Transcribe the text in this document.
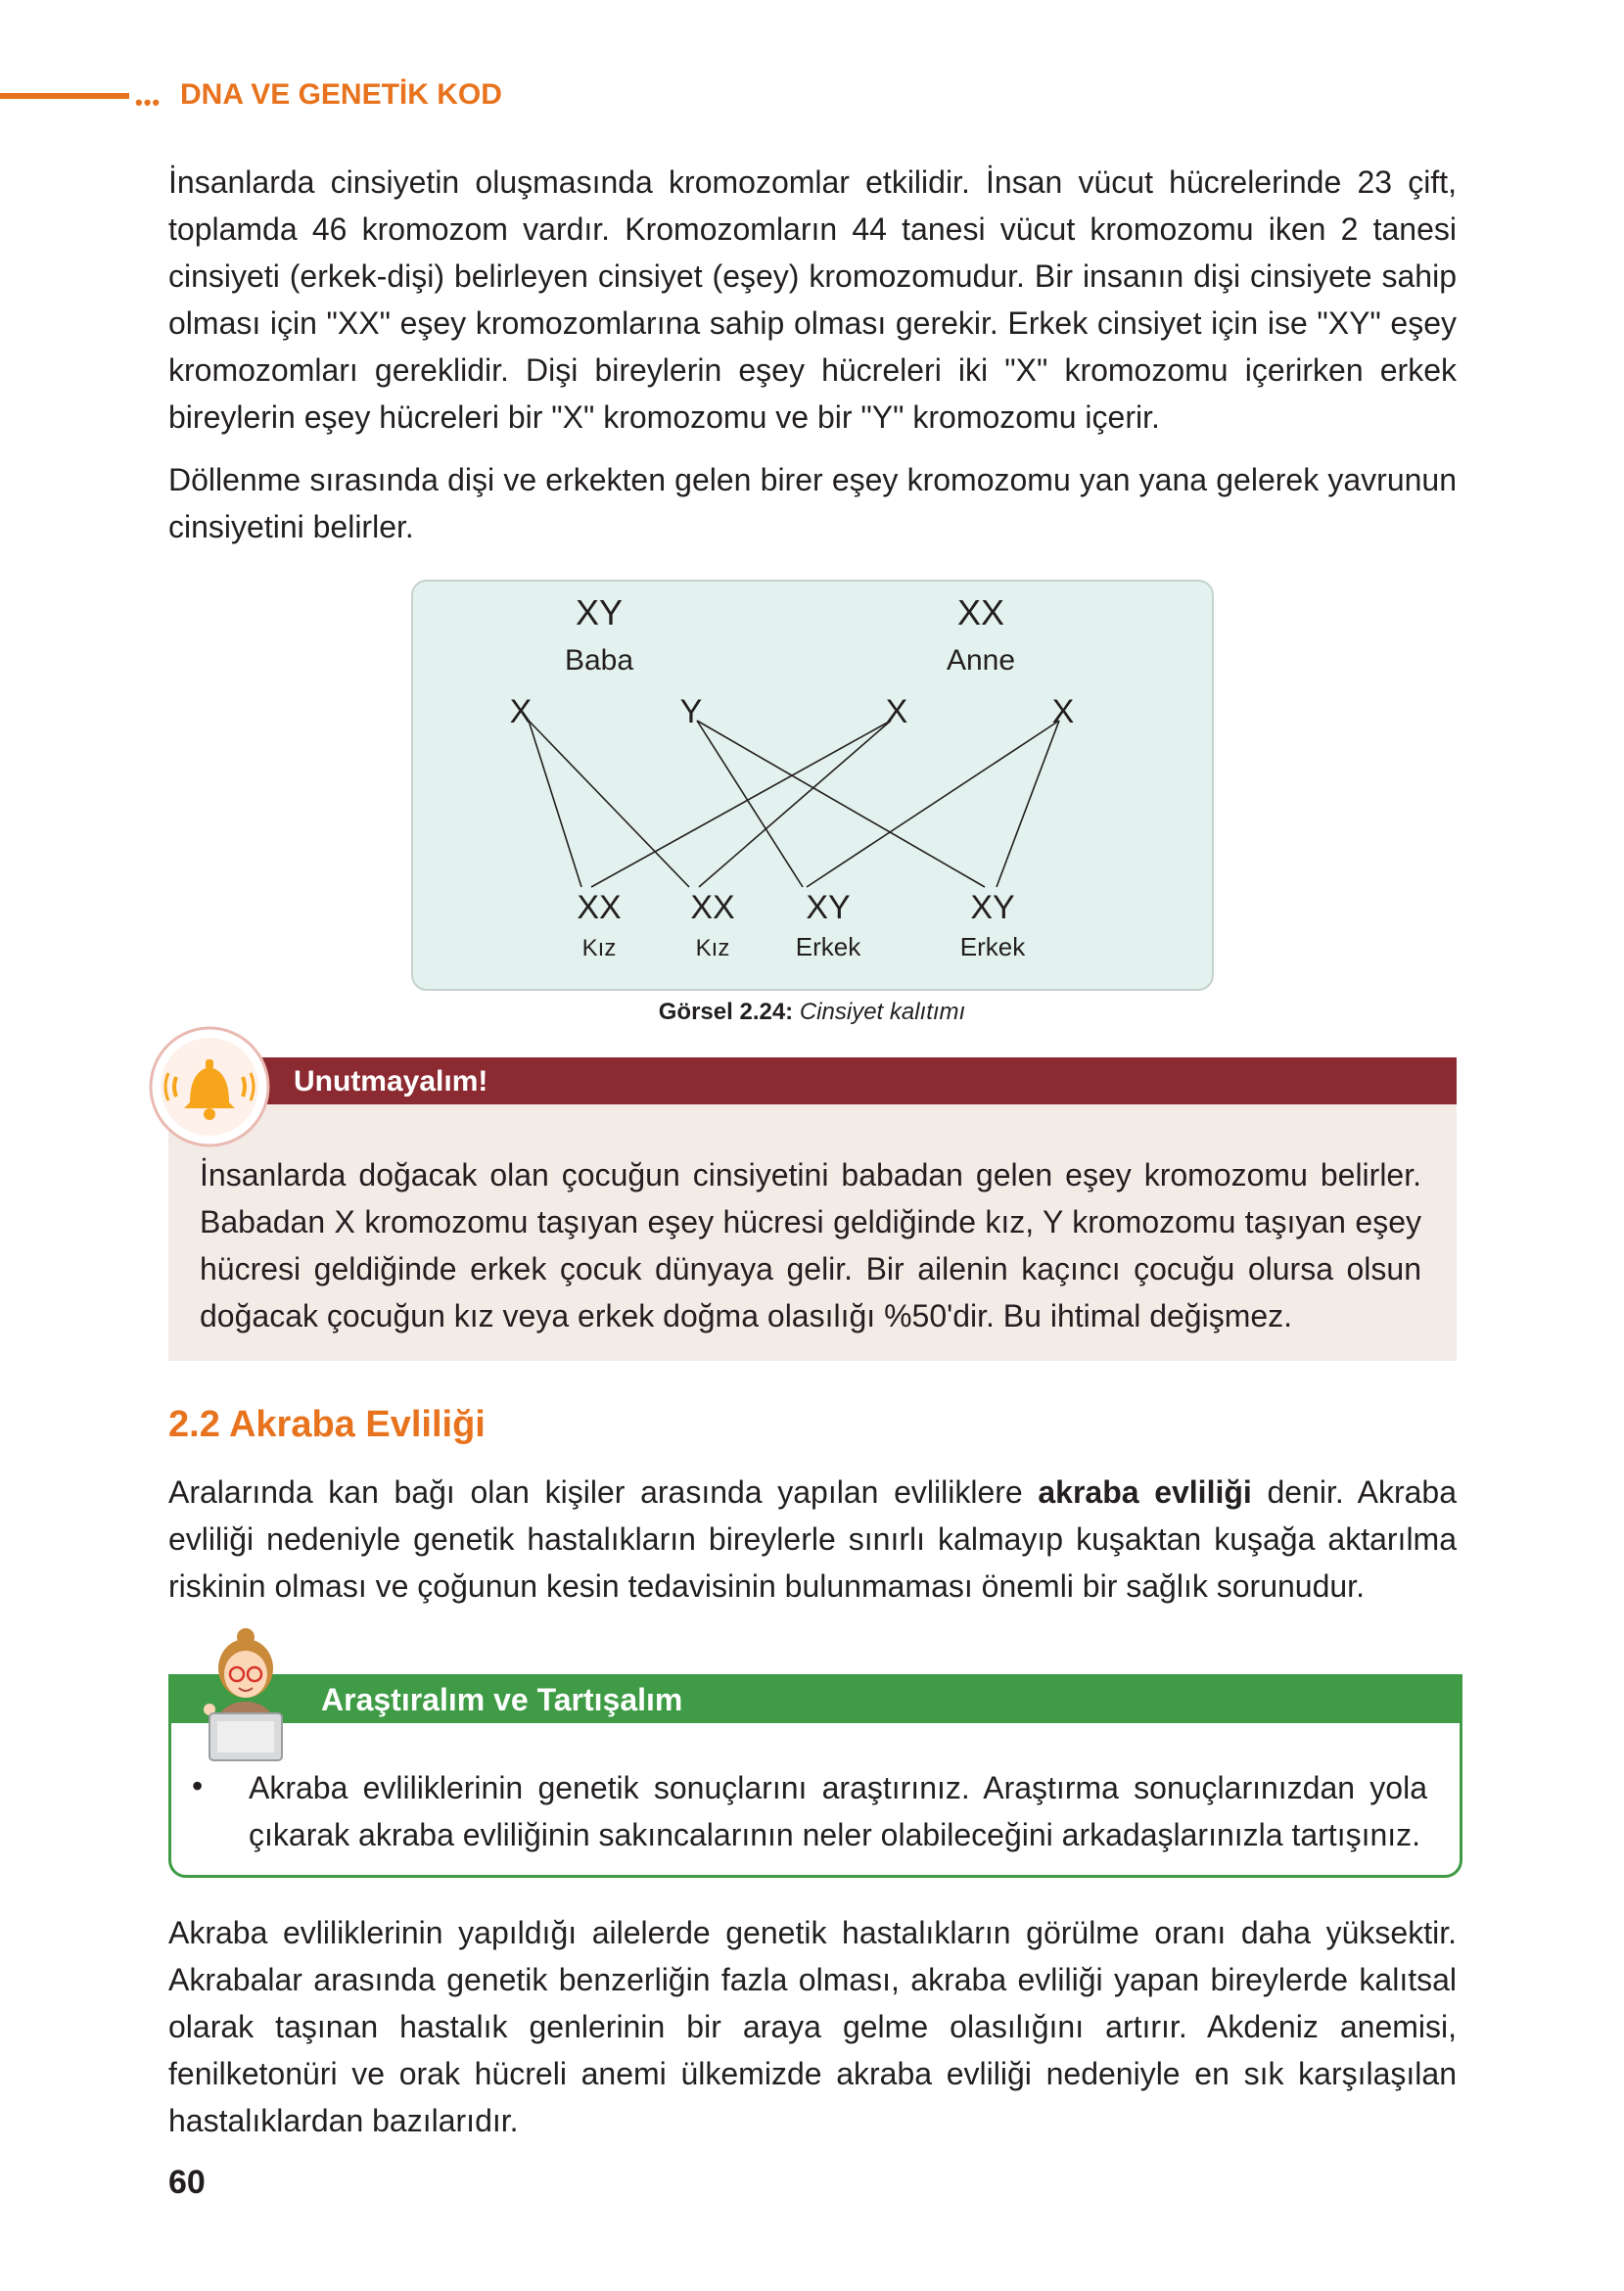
••• DNA VE GENETİK KOD

İnsanlarda cinsiyetin oluşmasında kromozomlar etkilidir. İnsan vücut hücrelerinde 23 çift, toplamda 46 kromozom vardır. Kromozomların 44 tanesi vücut kromozomu iken 2 tanesi cinsiyeti (erkek-dişi) belirleyen cinsiyet (eşey) kromozomudur. Bir insanın dişi cinsiyete sahip olması için "XX" eşey kromozomlarına sahip olması gerekir. Erkek cinsiyet için ise "XY" eşey kromozomları gereklidir. Dişi bireylerin eşey hücreleri iki "X" kromozomu içerirken erkek bireylerin eşey hücreleri bir "X" kromozomu ve bir "Y" kromozomu içerir.

Döllenme sırasında dişi ve erkekten gelen birer eşey kromozomu yan yana gelerek yavrunun cinsiyetini belirler.

XY
Baba
XX
Anne
X	Y	X	X
XX
Kız
XX
Kız
XY
Erkek
XY
Erkek
Görsel 2.24: Cinsiyet kalıtımı

İnsanlarda doğacak olan çocuğun cinsiyetini babadan gelen eşey kromozomu belirler. Babadan X kromozomu taşıyan eşey hücresi geldiğinde kız, Y kromozomu taşıyan eşey hücresi geldiğinde erkek çocuk dünyaya gelir. Bir ailenin kaçıncı çocuğu olursa olsun doğacak çocuğun kız veya erkek doğma olasılığı %50'dir. Bu ihtimal değişmez.

Unutmayalım!
2.2 Akraba Evliliği

Aralarında kan bağı olan kişiler arasında yapılan evliliklere akraba evliliği denir. Akraba evliliği nedeniyle genetik hastalıkların bireylerle sınırlı kalmayıp kuşaktan kuşağa aktarılma riskinin olması ve çoğunun kesin tedavisinin bulunmaması önemli bir sağlık sorunudur.

Araştıralım ve Tartışalım
• Akraba evliliklerinin genetik sonuçlarını araştırınız. Araştırma sonuçlarınızdan yola çıkarak akraba evliliğinin sakıncalarının neler olabileceğini arkadaşlarınızla tartışınız.

Akraba evliliklerinin yapıldığı ailelerde genetik hastalıkların görülme oranı daha yüksektir. Akrabalar arasında genetik benzerliğin fazla olması, akraba evliliği yapan bireylerde kalıtsal olarak taşınan hastalık genlerinin bir araya gelme olasılığını artırır. Akdeniz anemisi, fenilketonüri ve orak hücreli anemi ülkemizde akraba evliliği nedeniyle en sık karşılaşılan hastalıklardan bazılarıdır.

60
